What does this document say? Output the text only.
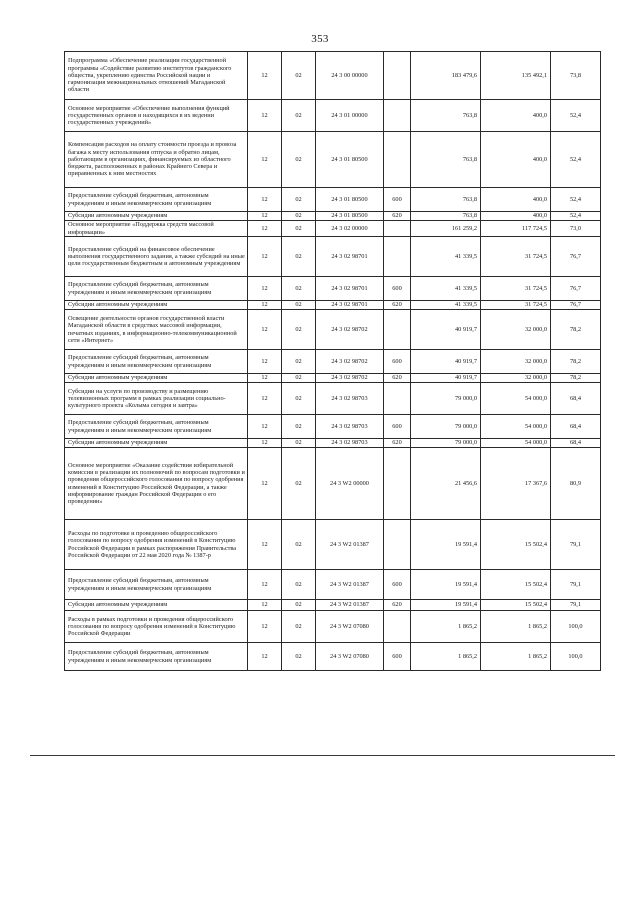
353
Подпрограмма «Обеспечение реализации государственной программы «Содействие развитию институтов гражданского общества, укреплению единства Российской нации и гармонизация межнациональных отношений Магаданской области	12	02	24 3 00 00000		183 479,6	135 492,1	73,8
Основное мероприятие «Обеспечение выполнения функций государственных органов и находящихся в их ведении государственных учреждений»	12	02	24 3 01 00000		763,8	400,0	52,4
Компенсация расходов на оплату стоимости проезда и провоза багажа к месту использования отпуска и обратно лицам, работающим в организациях, финансируемых из областного бюджета, расположенных в районах Крайнего Севера и приравненных к ним местностях	12	02	24 3 01 80500		763,8	400,0	52,4
Предоставление субсидий бюджетным, автономным учреждениям и иным некоммерческим организациям	12	02	24 3 01 80500	600	763,8	400,0	52,4
Субсидии автономным учреждениям	12	02	24 3 01 80500	620	763,8	400,0	52,4
Основное мероприятие «Поддержка средств массовой информации»	12	02	24 3 02 00000		161 259,2	117 724,5	73,0
Предоставление субсидий на финансовое обеспечение выполнения государственного задания, а также субсидий на иные цели государственным бюджетным и автономным учреждениям	12	02	24 3 02 98701		41 339,5	31 724,5	76,7
Предоставление субсидий бюджетным, автономным учреждениям и иным некоммерческим организациям	12	02	24 3 02 98701	600	41 339,5	31 724,5	76,7
Субсидии автономным учреждениям	12	02	24 3 02 98701	620	41 339,5	31 724,5	76,7
Освещение деятельности органов государственной власти Магаданской области в средствах массовой информации, печатных изданиях, в информационно-телекоммуникационной сети «Интернет»	12	02	24 3 02 98702		40 919,7	32 000,0	78,2
Предоставление субсидий бюджетным, автономным учреждениям и иным некоммерческим организациям	12	02	24 3 02 98702	600	40 919,7	32 000,0	78,2
Субсидии автономным учреждениям	12	02	24 3 02 98702	620	40 919,7	32 000,0	78,2
Субсидии на услуги по производству и размещению телевизионных программ в рамках реализации социально-культурного проекта «Колыма сегодня и завтра»	12	02	24 3 02 98703		79 000,0	54 000,0	68,4
Предоставление субсидий бюджетным, автономным учреждениям и иным некоммерческим организациям	12	02	24 3 02 98703	600	79 000,0	54 000,0	68,4
Субсидии автономным учреждениям	12	02	24 3 02 98703	620	79 000,0	54 000,0	68,4
Основное мероприятие «Оказание содействия избирательной комиссии в реализации их полномочий по вопросам подготовки и проведения общероссийского голосования по вопросу одобрения изменений в Конституцию Российской Федерации, а также информирование граждан Российской Федерации о его проведении»	12	02	24 3 W2 00000		21 456,6	17 367,6	80,9
Расходы по подготовке и проведению общероссийского голосования по вопросу одобрения изменений в Конституцию Российской Федерации в рамках распоряжения Правительства Российской Федерации от 22 мая 2020 года № 1387-р	12	02	24 3 W2 01387		19 591,4	15 502,4	79,1
Предоставление субсидий бюджетным, автономным учреждениям и иным некоммерческим организациям	12	02	24 3 W2 01387	600	19 591,4	15 502,4	79,1
Субсидии автономным учреждениям	12	02	24 3 W2 01387	620	19 591,4	15 502,4	79,1
Расходы в рамках подготовки и проведения общероссийского голосования по вопросу одобрения изменений в Конституцию Российской Федерации	12	02	24 3 W2 07080		1 865,2	1 865,2	100,0
Предоставление субсидий бюджетным, автономным учреждениям и иным некоммерческим организациям	12	02	24 3 W2 07080	600	1 865,2	1 865,2	100,0
